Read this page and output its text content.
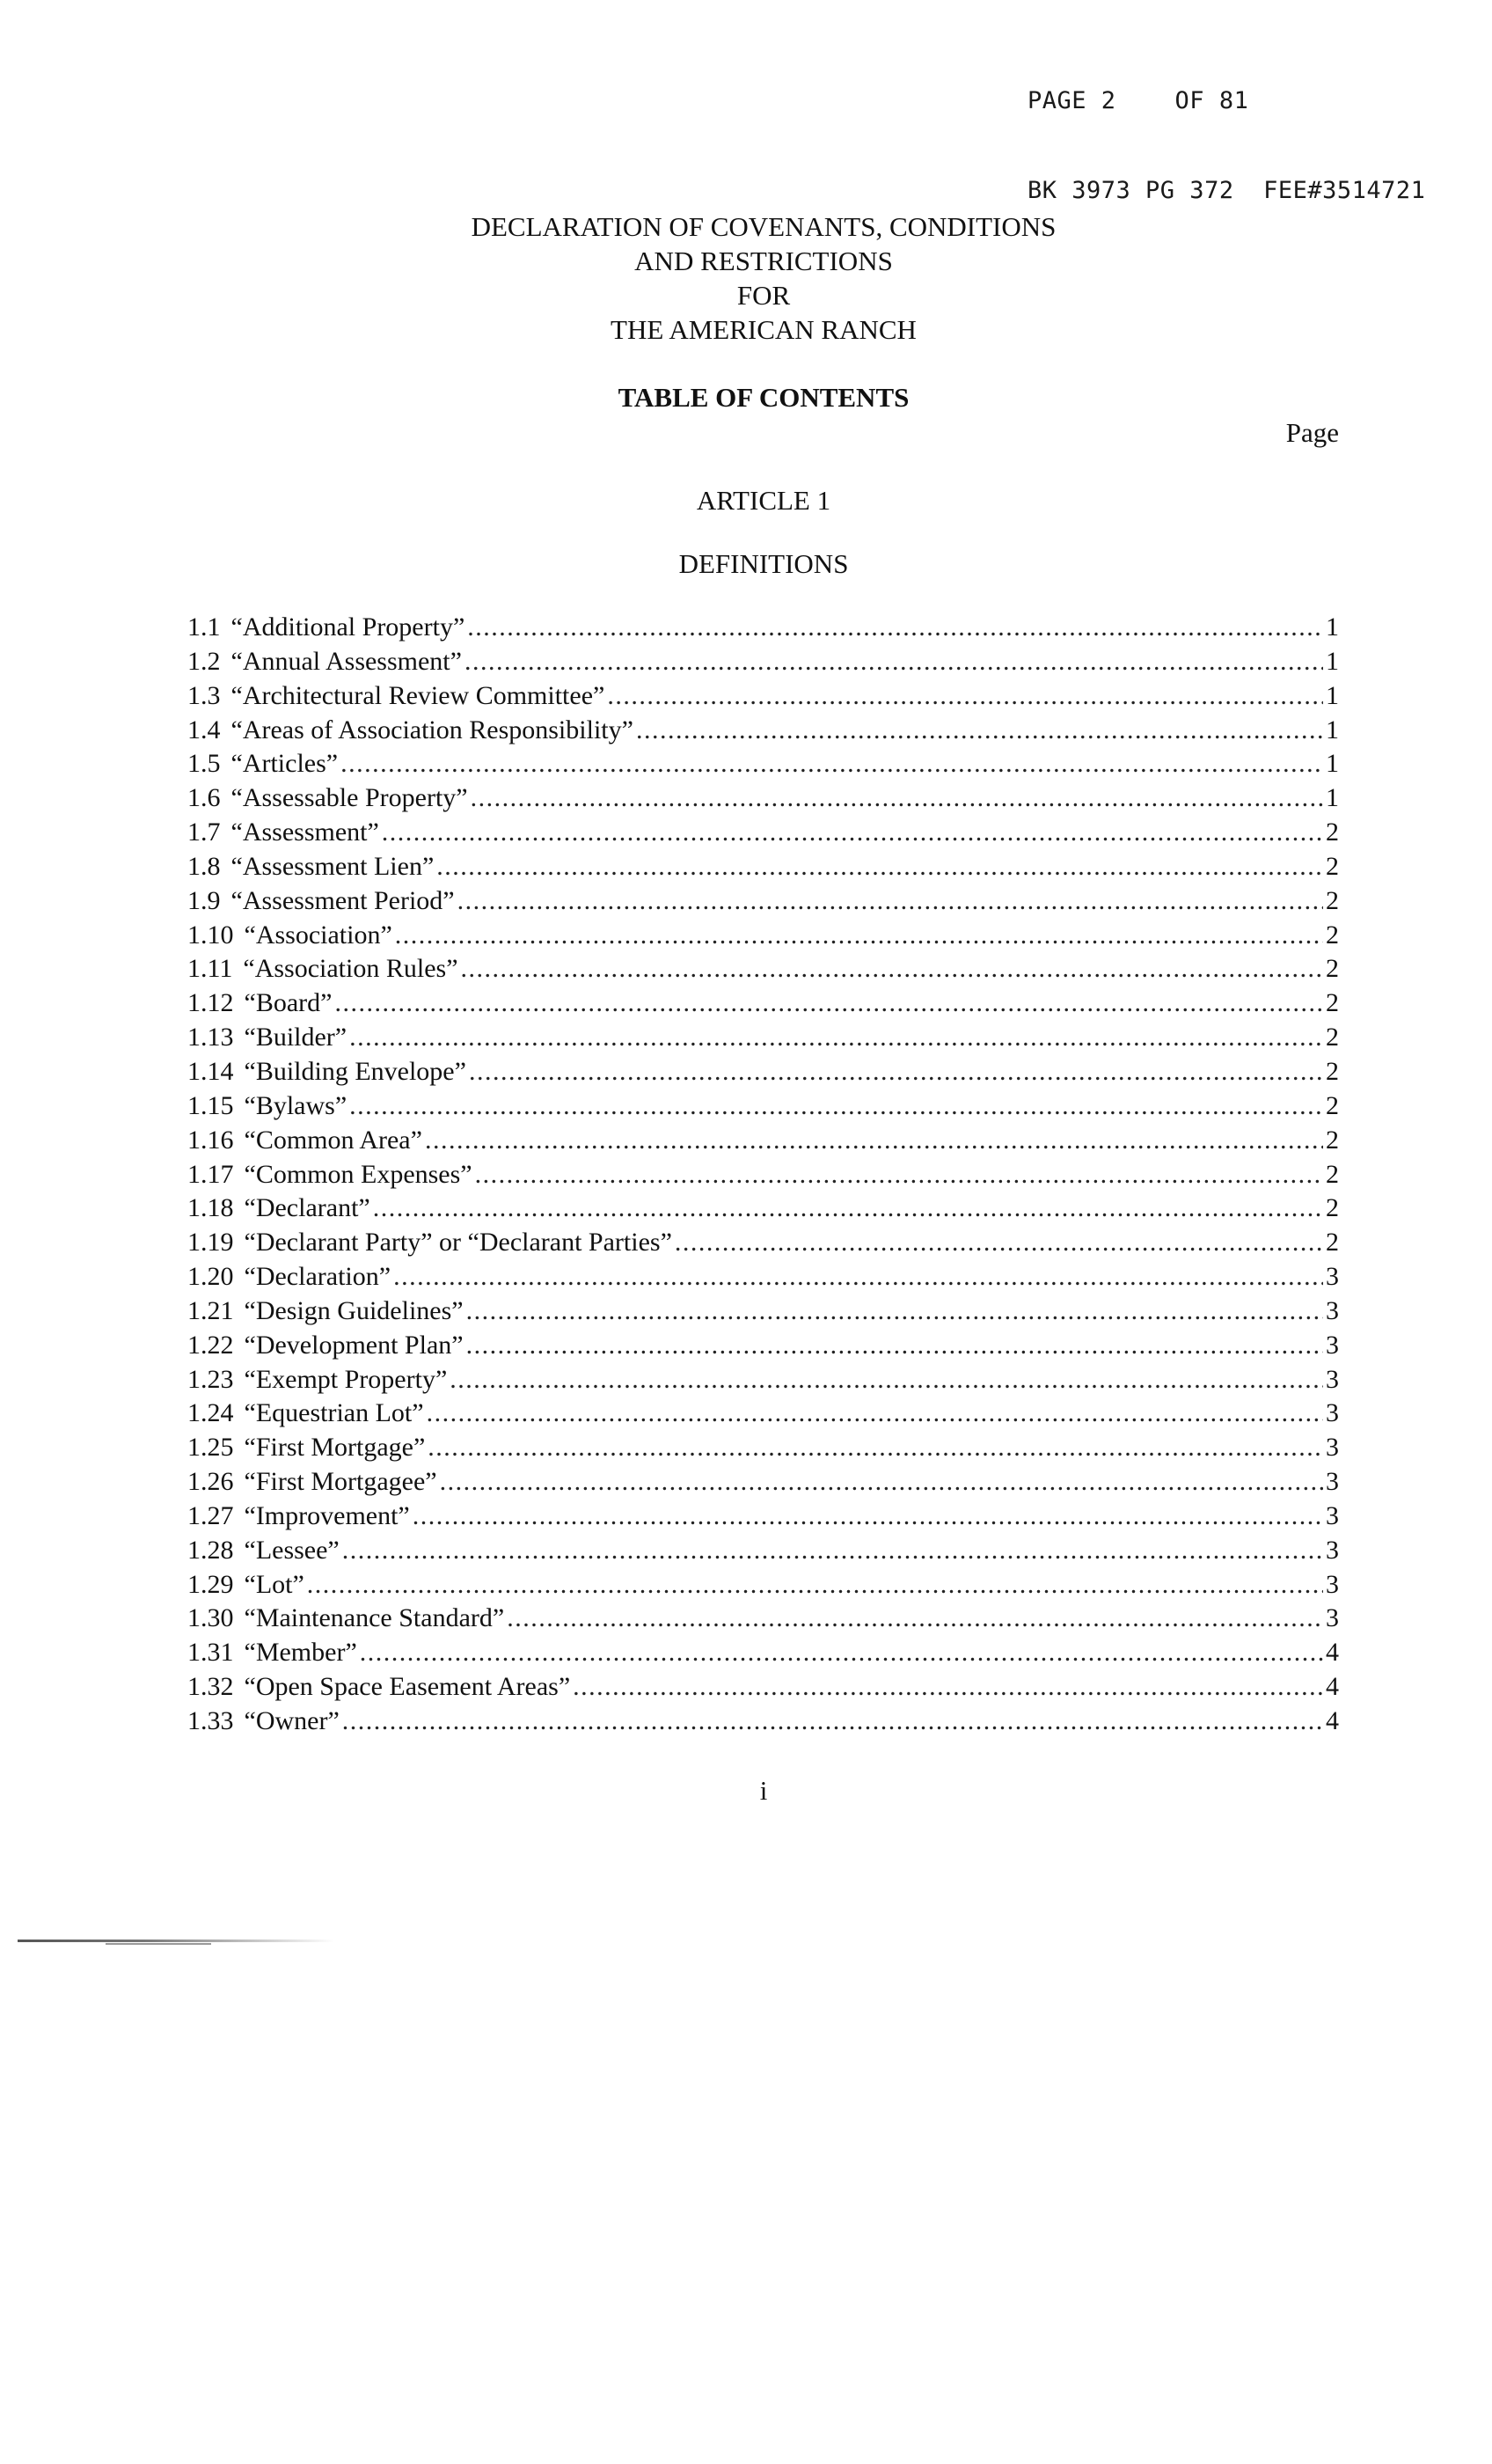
PAGE 2    OF 81

BK 3973 PG 372  FEE#3514721

DECLARATION OF COVENANTS, CONDITIONS
AND RESTRICTIONS
FOR
THE AMERICAN RANCH
TABLE OF CONTENTS
Page
ARTICLE 1
DEFINITIONS
1.1 “Additional Property” .....	1
1.2 “Annual Assessment” .....	1
1.3 “Architectural Review Committee” .....	1
1.4 “Areas of Association Responsibility” .....	1
1.5 “Articles” .....	1
1.6 “Assessable Property” .....	1
1.7 “Assessment” .....	2
1.8 “Assessment Lien” .....	2
1.9 “Assessment Period” .....	2
1.10 “Association” .....	2
1.11 “Association Rules” .....	2
1.12 “Board” .....	2
1.13 “Builder” .....	2
1.14 “Building Envelope” .....	2
1.15 “Bylaws” .....	2
1.16 “Common Area” .....	2
1.17 “Common Expenses” .....	2
1.18 “Declarant” .....	2
1.19 “Declarant Party” or “Declarant Parties” .....	2
1.20 “Declaration” .....	3
1.21 “Design Guidelines” .....	3
1.22 “Development Plan” .....	3
1.23 “Exempt Property” .....	3
1.24 “Equestrian Lot” .....	3
1.25 “First Mortgage” .....	3
1.26 “First Mortgagee” .....	3
1.27 “Improvement” .....	3
1.28 “Lessee” .....	3
1.29 “Lot” .....	3
1.30 “Maintenance Standard” .....	3
1.31 “Member” .....	4
1.32 “Open Space Easement Areas” .....	4
1.33 “Owner” .....	4
i
